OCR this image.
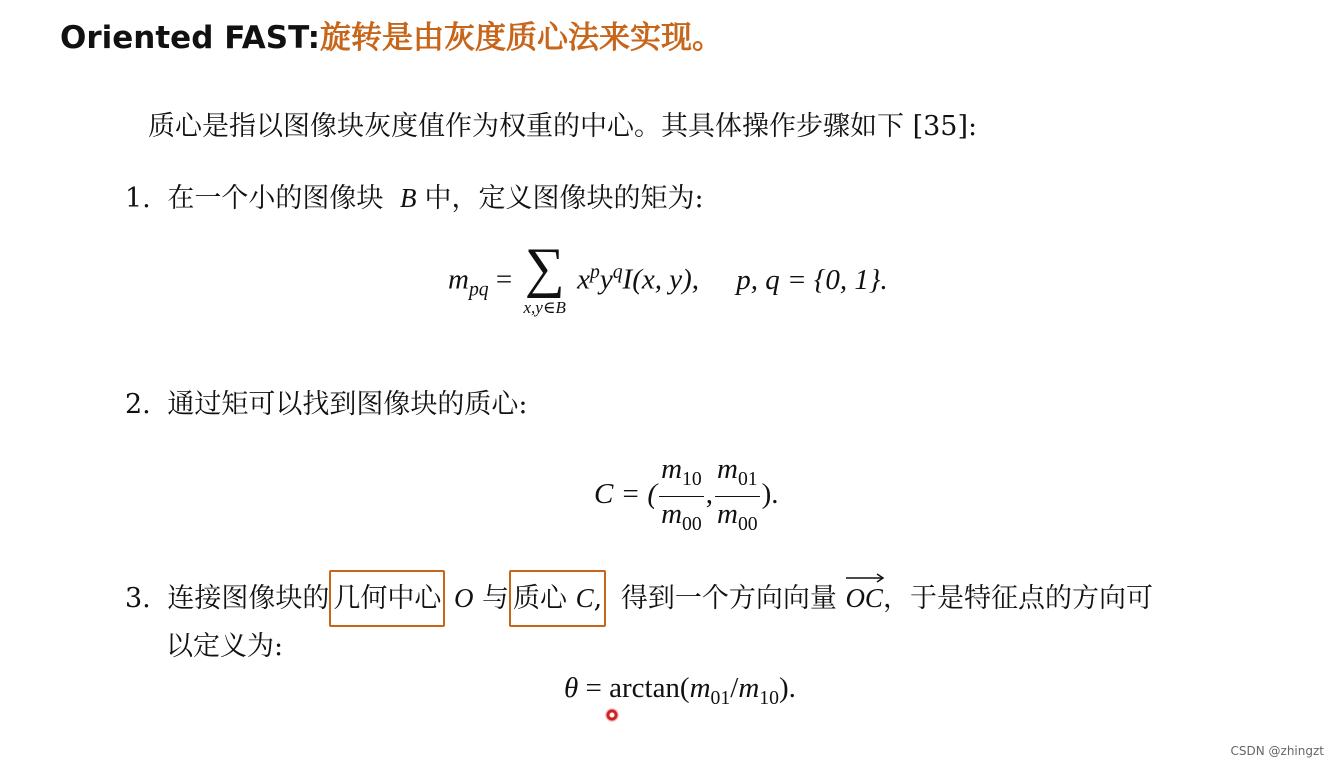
Oriented FAST:旋转是由灰度质心法来实现。
质心是指以图像块灰度值作为权重的中心。其具体操作步骤如下 [35]:
1. 在一个小的图像块 B 中，定义图像块的矩为:
$m_{pq}$ = ∑
x,y∈B
$x^py^qI(x$, y), p, q = {0, 1}.
2. 通过矩可以找到图像块的质心:
C = ( $\frac{m_{10}}{m_{00}}$ , $\frac{m_{01}}{m_{00}}$ ).
3. 连接图像块的 几何中心 O 与 质心 C, 得到一个方向向量 OC，于是特征点的方向可
以定义为:
$\theta = \arctan(m_{01}/m_{10})$.
CSDN @zhingzt
